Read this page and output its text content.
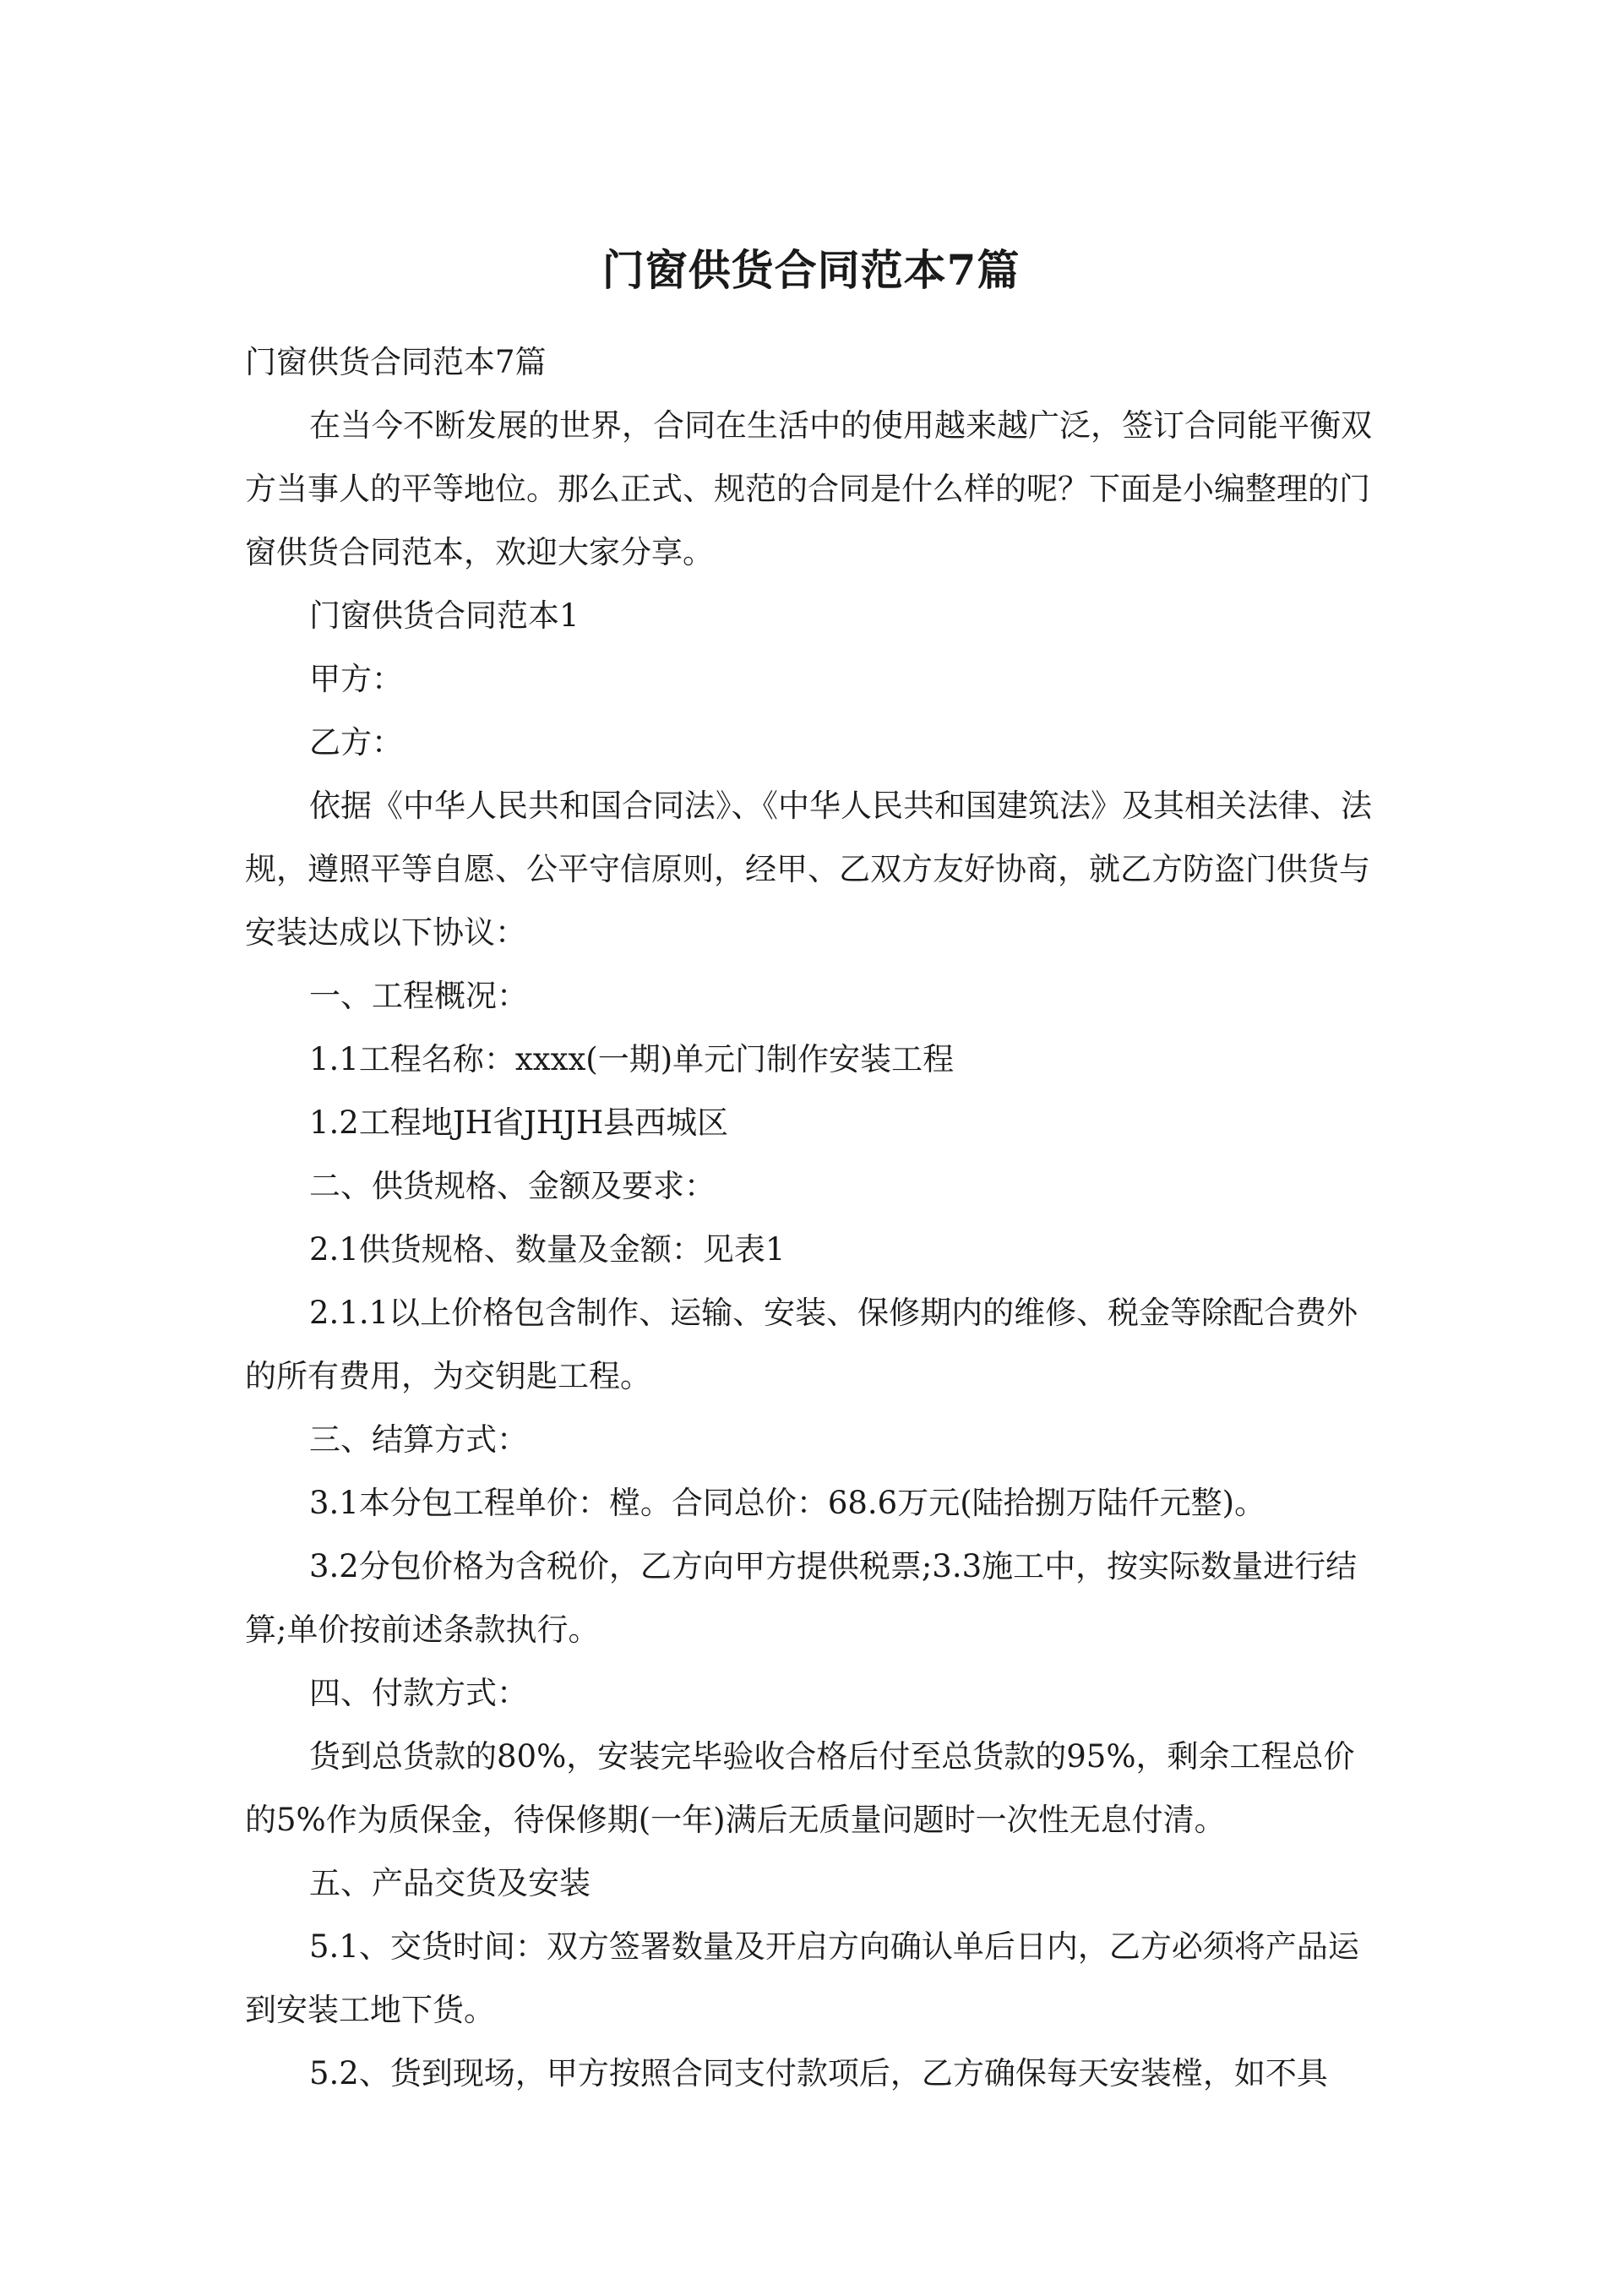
门窗供货合同范本7篇

门窗供货合同范本7篇

在当今不断发展的世界，合同在生活中的使用越来越广泛，签订合同能平衡双方当事人的平等地位。那么正式、规范的合同是什么样的呢？下面是小编整理的门窗供货合同范本，欢迎大家分享。

门窗供货合同范本1

甲方：

乙方：

依据《中华人民共和国合同法》、《中华人民共和国建筑法》及其相关法律、法规，遵照平等自愿、公平守信原则，经甲、乙双方友好协商，就乙方防盗门供货与安装达成以下协议：

一、工程概况：

1.1工程名称：xxxx(一期)单元门制作安装工程

1.2工程地JH省JHJH县西城区

二、供货规格、金额及要求：

2.1供货规格、数量及金额：见表1

2.1.1以上价格包含制作、运输、安装、保修期内的维修、税金等除配合费外的所有费用，为交钥匙工程。

三、结算方式：

3.1本分包工程单价：樘。合同总价：68.6万元(陆拾捌万陆仟元整)。

3.2分包价格为含税价，乙方向甲方提供税票;3.3施工中，按实际数量进行结算;单价按前述条款执行。

四、付款方式：

货到总货款的80%，安装完毕验收合格后付至总货款的95%，剩余工程总价的5%作为质保金，待保修期(一年)满后无质量问题时一次性无息付清。

五、产品交货及安装

5.1、交货时间：双方签署数量及开启方向确认单后日内，乙方必须将产品运到安装工地下货。

5.2、货到现场，甲方按照合同支付款项后，乙方确保每天安装樘，如不具
